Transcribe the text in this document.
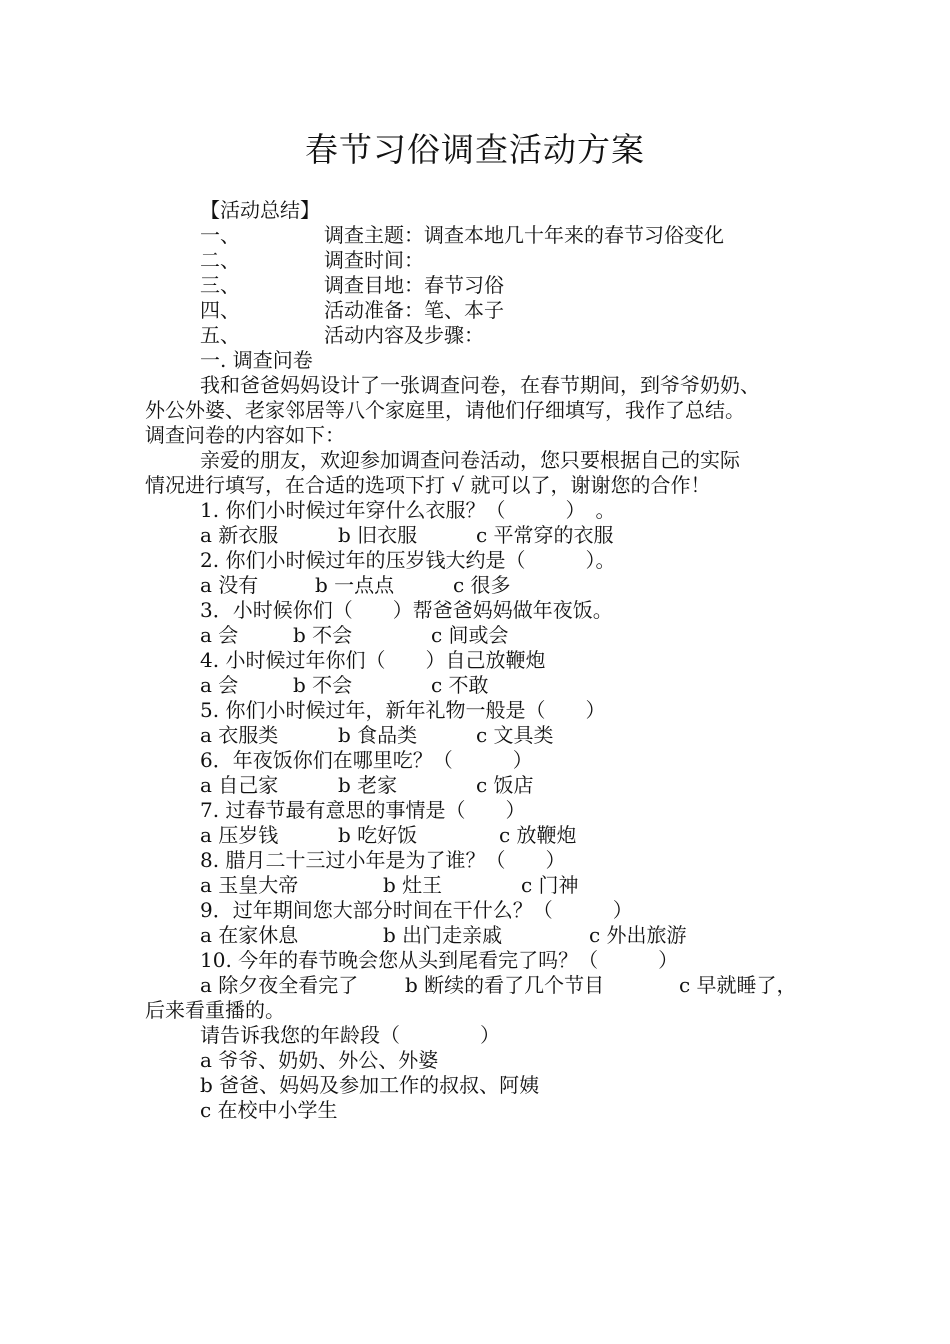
春节习俗调查活动方案
【活动总结】
一、	调查主题：调查本地几十年来的春节习俗变化
二、	调查时间：
三、	调查目地：春节习俗
四、	活动准备：笔、本子
五、	活动内容及步骤：
一. 调查问卷
我和爸爸妈妈设计了一张调查问卷，在春节期间，到爷爷奶奶、
外公外婆、老家邻居等八个家庭里，请他们仔细填写，我作了总结。
调查问卷的内容如下：
亲爱的朋友，欢迎参加调查问卷活动，您只要根据自己的实际
情况进行填写，在合适的选项下打 √ 就可以了，谢谢您的合作！
1. 你们小时候过年穿什么衣服？（　　　）　。
a 新衣服	b 旧衣服	c 平常穿的衣服
2. 你们小时候过年的压岁钱大约是（　　　）。
a 没有	b 一点点	c 很多
3．小时候你们（　　）帮爸爸妈妈做年夜饭。
a 会	b 不会	c 间或会
4. 小时候过年你们（　　）自己放鞭炮
a 会	b 不会	c 不敢
5. 你们小时候过年，新年礼物一般是（　　）
a 衣服类	b 食品类	c 文具类
6．年夜饭你们在哪里吃？（　　　）
a 自己家	b 老家	c 饭店
7. 过春节最有意思的事情是（　　）
a 压岁钱	b 吃好饭	c 放鞭炮
8. 腊月二十三过小年是为了谁？（　　）
a 玉皇大帝	b 灶王	c 门神
9．过年期间您大部分时间在干什么？（　　　）
a 在家休息	b 出门走亲戚	c 外出旅游
10. 今年的春节晚会您从头到尾看完了吗？（　　　）
a 除夕夜全看完了 b 断续的看了几个节目	c 早就睡了，
后来看重播的。
请告诉我您的年龄段（　　　　）
a 爷爷、奶奶、外公、外婆
b 爸爸、妈妈及参加工作的叔叔、阿姨
c 在校中小学生
